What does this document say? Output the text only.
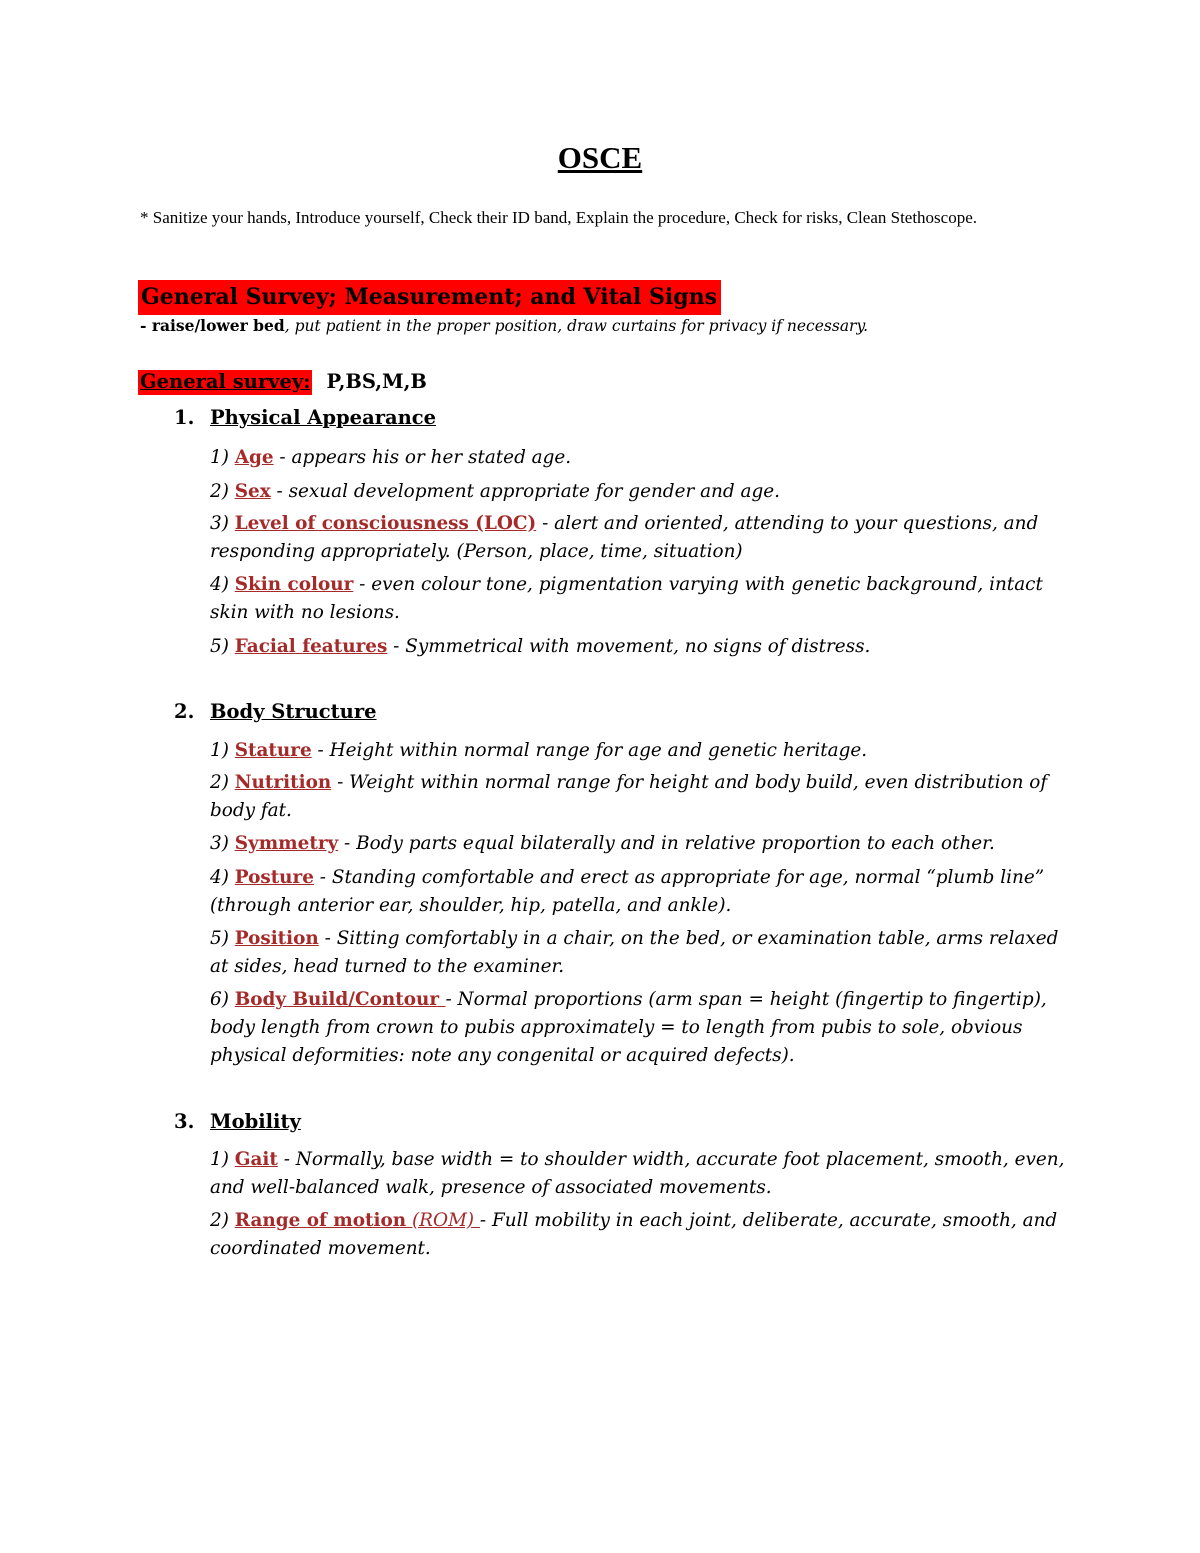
OSCE
* Sanitize your hands, Introduce yourself, Check their ID band, Explain the procedure, Check for risks, Clean Stethoscope.
General Survey; Measurement; and Vital Signs
- raise/lower bed, put patient in the proper position, draw curtains for privacy if necessary.
General survey: P,BS,M,B
1. Physical Appearance
1) Age - appears his or her stated age.
2) Sex - sexual development appropriate for gender and age.
3) Level of consciousness (LOC) - alert and oriented, attending to your questions, and responding appropriately. (Person, place, time, situation)
4) Skin colour - even colour tone, pigmentation varying with genetic background, intact skin with no lesions.
5) Facial features - Symmetrical with movement, no signs of distress.
2. Body Structure
1) Stature - Height within normal range for age and genetic heritage.
2) Nutrition - Weight within normal range for height and body build, even distribution of body fat.
3) Symmetry - Body parts equal bilaterally and in relative proportion to each other.
4) Posture - Standing comfortable and erect as appropriate for age, normal “plumb line” (through anterior ear, shoulder, hip, patella, and ankle).
5) Position - Sitting comfortably in a chair, on the bed, or examination table, arms relaxed at sides, head turned to the examiner.
6) Body Build/Contour - Normal proportions (arm span = height (fingertip to fingertip), body length from crown to pubis approximately = to length from pubis to sole, obvious physical deformities: note any congenital or acquired defects).
3. Mobility
1) Gait - Normally, base width = to shoulder width, accurate foot placement, smooth, even, and well-balanced walk, presence of associated movements.
2) Range of motion (ROM) - Full mobility in each joint, deliberate, accurate, smooth, and coordinated movement.
